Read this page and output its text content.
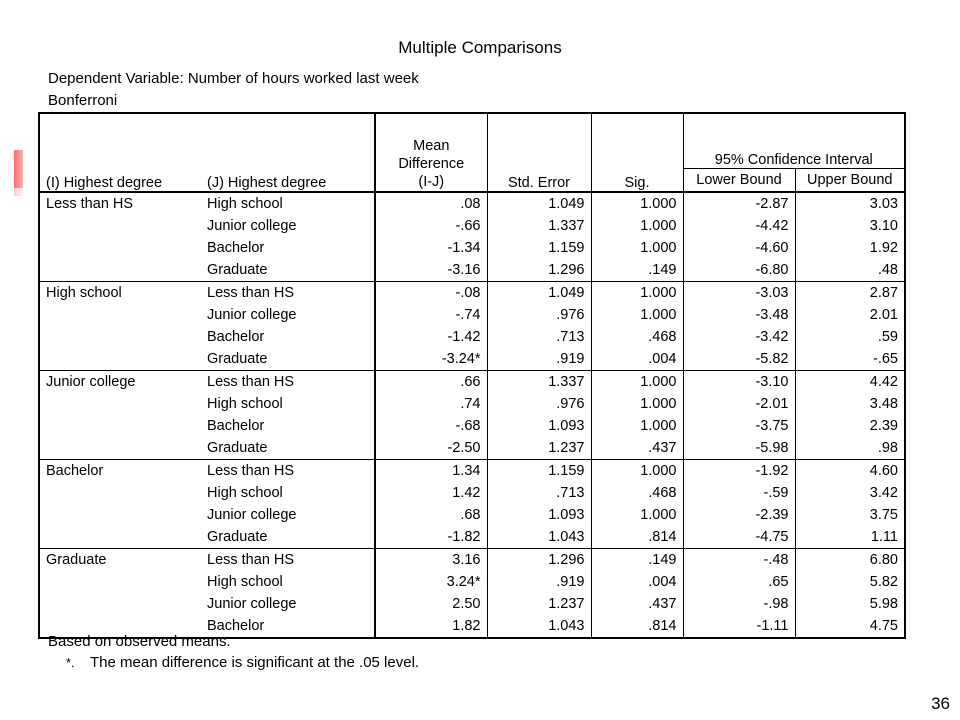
Multiple Comparisons
Dependent Variable: Number of hours worked last week
Bonferroni
(I) Highest degree	(J) Highest degree	Mean
Difference
(I-J)	Std. Error	Sig.	95% Confidence Interval	
					Lower Bound	Upper Bound
Less than HS	High school	.08	1.049	1.000	-2.87	3.03
	Junior college	-.66	1.337	1.000	-4.42	3.10
	Bachelor	-1.34	1.159	1.000	-4.60	1.92
	Graduate	-3.16	1.296	.149	-6.80	.48
High school	Less than HS	-.08	1.049	1.000	-3.03	2.87
	Junior college	-.74	.976	1.000	-3.48	2.01
	Bachelor	-1.42	.713	.468	-3.42	.59
	Graduate	-3.24*	.919	.004	-5.82	-.65
Junior college	Less than HS	.66	1.337	1.000	-3.10	4.42
	High school	.74	.976	1.000	-2.01	3.48
	Bachelor	-.68	1.093	1.000	-3.75	2.39
	Graduate	-2.50	1.237	.437	-5.98	.98
Bachelor	Less than HS	1.34	1.159	1.000	-1.92	4.60
	High school	1.42	.713	.468	-.59	3.42
	Junior college	.68	1.093	1.000	-2.39	3.75
	Graduate	-1.82	1.043	.814	-4.75	1.11
Graduate	Less than HS	3.16	1.296	.149	-.48	6.80
	High school	3.24*	.919	.004	.65	5.82
	Junior college	2.50	1.237	.437	-.98	5.98
	Bachelor	1.82	1.043	.814	-1.11	4.75
Based on observed means.
*. The mean difference is significant at the .05 level.
36
